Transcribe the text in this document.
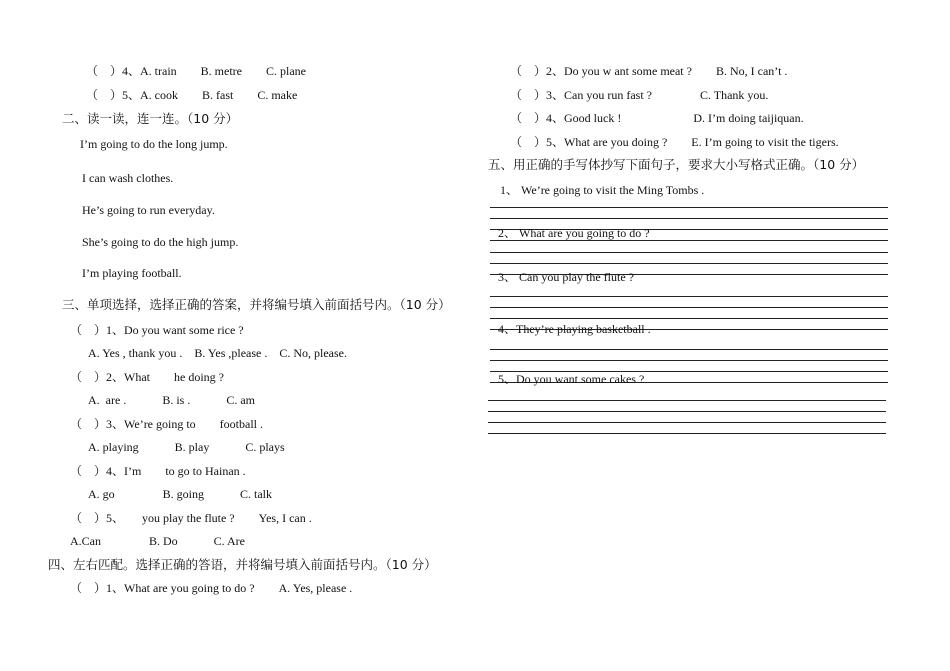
（　）4、A. train　　B. metre　　C. plane
（　）5、A. cook　　B. fast　　C. make
二、读一读，连一连。（10 分）
I’m going to do the long jump.
I can wash clothes.
He’s going to run everyday.
She’s going to do the high jump.
I’m playing football.
三、单项选择，选择正确的答案，并将编号填入前面括号内。（10 分）
（　）1、Do you want some rice ?
A. Yes , thank you .　B. Yes ,please .　C. No, please.
（　）2、What　　he doing ?
A.  are .　　　B. is .　　　C. am
（　）3、We’re going to　　football .
A. playing　　　B. play　　　C. plays
（　）4、I’m　　to go to Hainan .
A. go　　　　B. going　　　C. talk
（　）5、　　you play the flute ?　　Yes, I can .
A.Can　　　　B. Do　　　C. Are
四、左右匹配。选择正确的答语，并将编号填入前面括号内。（10 分）
（　）1、What are you going to do ?　　A. Yes, please .
（　）2、Do you w ant some meat ?　　B. No, I can’t .
（　）3、Can you run fast ?　　　　C. Thank you.
（　）4、Good luck !　　　　　　D. I’m doing taijiquan.
（　）5、What are you doing ?　　E. I’m going to visit the tigers.
五、用正确的手写体抄写下面句子，要求大小写格式正确。（10 分）
1、 We’re going to visit the Ming Tombs .
2、 What are you going to do ?
3、 Can you play the flute ?
4、They’re playing basketball .
5、Do you want some cakes ?
